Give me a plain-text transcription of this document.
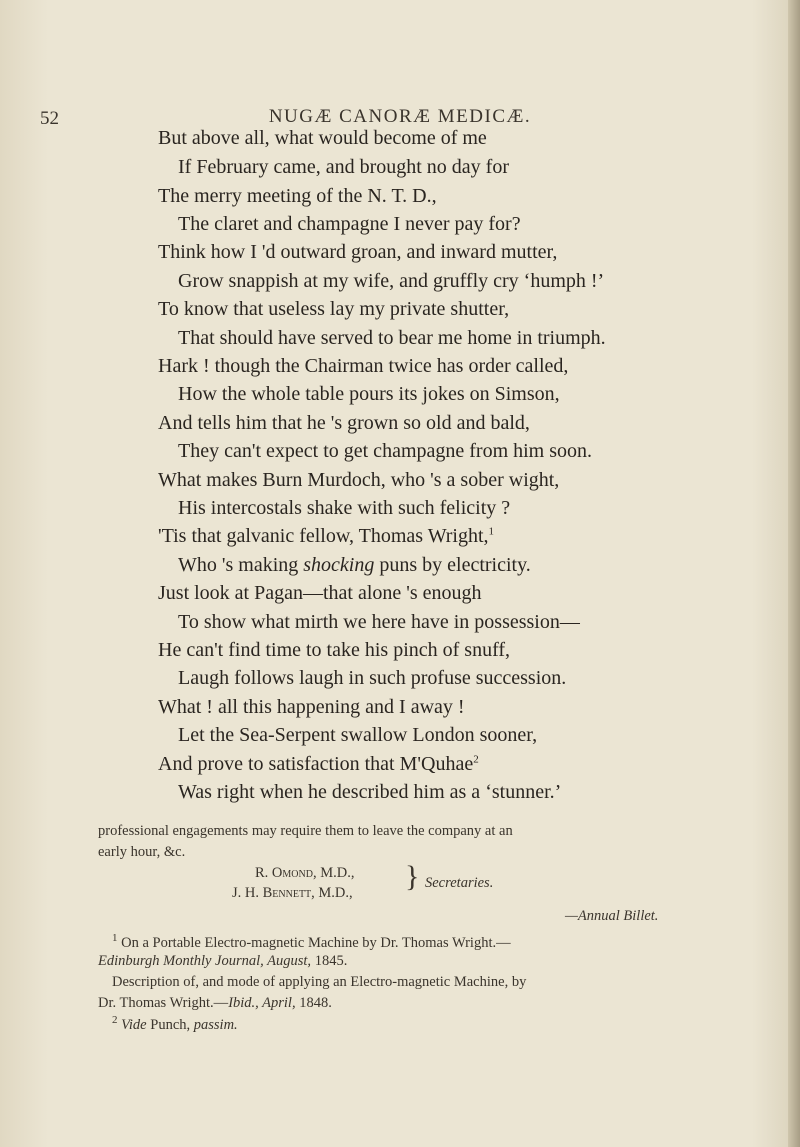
52	NUGÆ CANORÆ MEDICÆ.
But above all, what would become of me
If February came, and brought no day for
The merry meeting of the N. T. D.,
The claret and champagne I never pay for?
Think how I 'd outward groan, and inward mutter,
Grow snappish at my wife, and gruffly cry ‘humph !’
To know that useless lay my private shutter,
That should have served to bear me home in triumph.
Hark ! though the Chairman twice has order called,
How the whole table pours its jokes on Simson,
And tells him that he 's grown so old and bald,
They can't expect to get champagne from him soon.
What makes Burn Murdoch, who 's a sober wight,
His intercostals shake with such felicity ?
'Tis that galvanic fellow, Thomas Wright,$^1$
Who 's making shocking puns by electricity.
Just look at Pagan—that alone 's enough
To show what mirth we here have in possession—
He can't find time to take his pinch of snuff,
Laugh follows laugh in such profuse succession.
What ! all this happening and I away !
Let the Sea-Serpent swallow London sooner,
And prove to satisfaction that M'Quhae$^2$
Was right when he described him as a ‘stunner.’
professional engagements may require them to leave the company at an
early hour, &c.
R. Omond, M.D.,
J. H. Bennett, M.D., } Secretaries.
—Annual Billet.
$^1$ On a Portable Electro-magnetic Machine by Dr. Thomas Wright.—
Edinburgh Monthly Journal, August, 1845.
Description of, and mode of applying an Electro-magnetic Machine, by
Dr. Thomas Wright.—Ibid., April, 1848.
$^2$ Vide Punch, passim.
